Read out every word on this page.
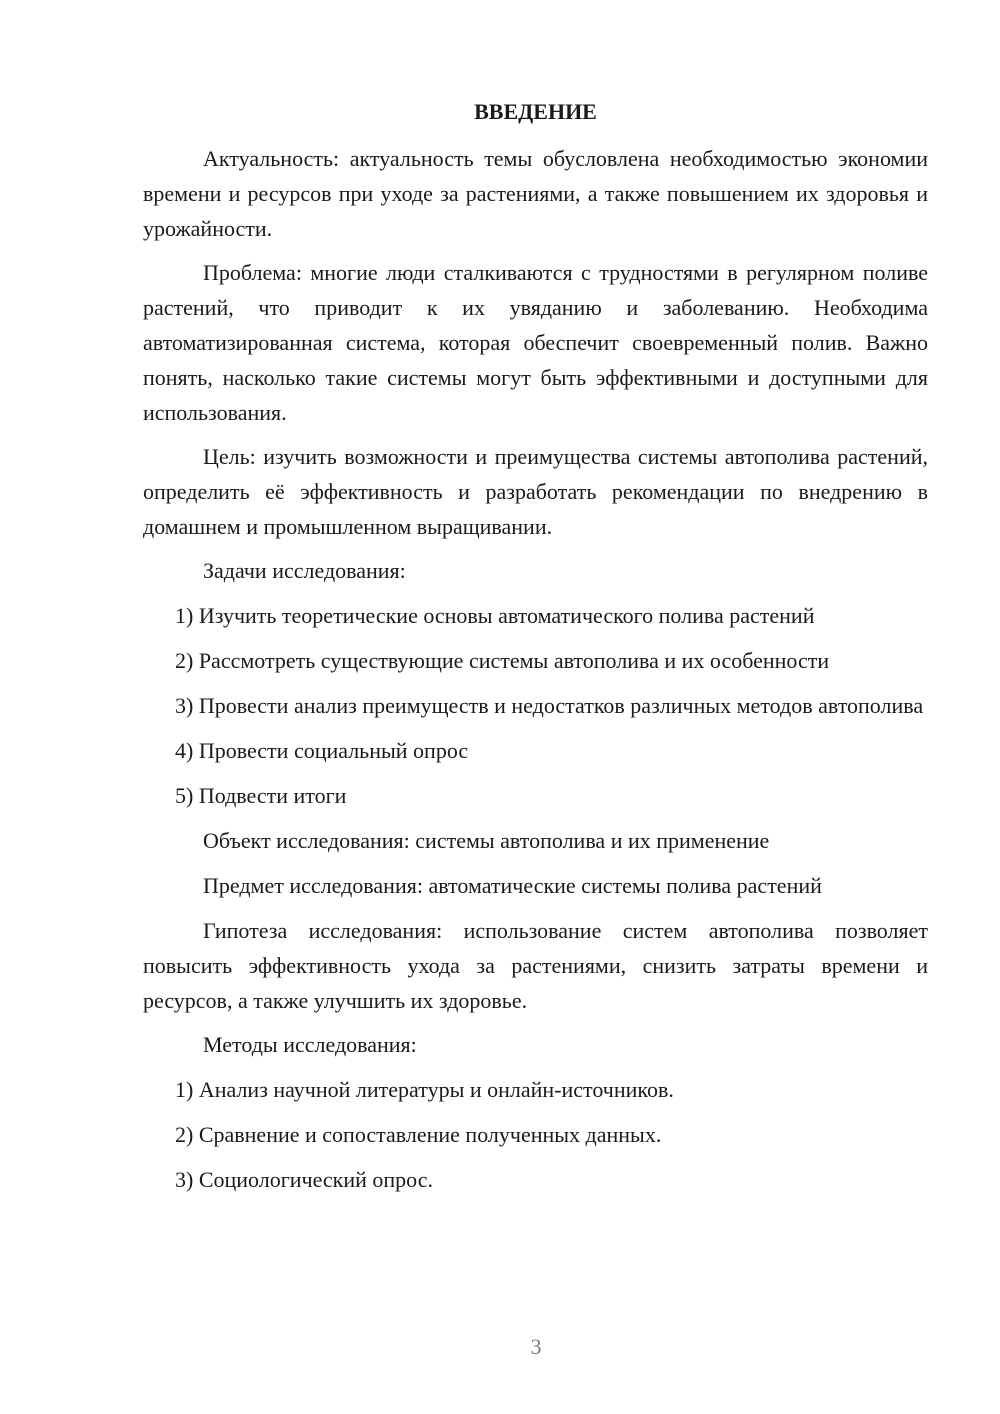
ВВЕДЕНИЕ

Актуальность: актуальность темы обусловлена необходимостью экономии времени и ресурсов при уходе за растениями, а также повышением их здоровья и урожайности.

Проблема: многие люди сталкиваются с трудностями в регулярном поливе растений, что приводит к их увяданию и заболеванию. Необходима автоматизированная система, которая обеспечит своевременный полив. Важно понять, насколько такие системы могут быть эффективными и доступными для использования.

Цель: изучить возможности и преимущества системы автополива растений, определить её эффективность и разработать рекомендации по внедрению в домашнем и промышленном выращивании.

Задачи исследования:

1) Изучить теоретические основы автоматического полива растений

2) Рассмотреть существующие системы автополива и их особенности

3) Провести анализ преимуществ и недостатков различных методов автополива

4) Провести социальный опрос

5) Подвести итоги

Объект исследования: системы автополива и их применение

Предмет исследования: автоматические системы полива растений

Гипотеза исследования: использование систем автополива позволяет повысить эффективность ухода за растениями, снизить затраты времени и ресурсов, а также улучшить их здоровье.

Методы исследования:

1) Анализ научной литературы и онлайн-источников.

2) Сравнение и сопоставление полученных данных.

3) Социологический опрос.

3
